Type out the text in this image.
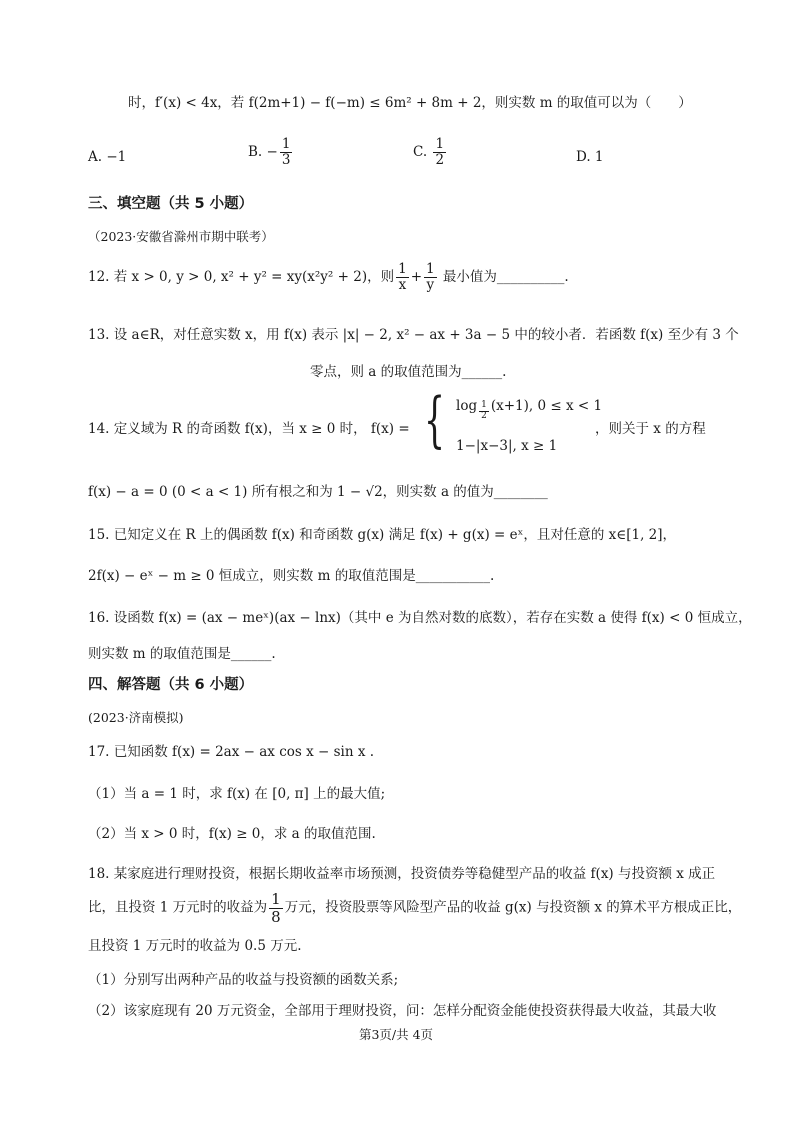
时，f′(x) < 4x，若 f(2m+1) − f(−m) ≤ 6m² + 8m + 2，则实数 m 的取值可以为（　　）
A. −1	B. − $\frac{1}{3}$	C. $\frac{1}{2}$	D. 1
三、填空题（共 5 小题）
（2023·安徽省滁州市期中联考）
12. 若 x > 0, y > 0, x² + y² = xy(x²y² + 2)，则 $\frac{1}{x} + \frac{1}{y}$ 最小值为__________.
13. 设 a∈R，对任意实数 x，用 f(x) 表示 |x| − 2, x² − ax + 3a − 5 中的较小者．若函数 f(x) 至少有 3 个
零点，则 a 的取值范围为______.
14. 定义域为 R 的奇函数 f(x)，当 x ≥ 0 时， f(x) = { log $_{\frac{1}{2}}$ (x+1), 0 ≤ x < 1
1−|x−3|, x ≥ 1
，则关于 x 的方程
f(x) − a = 0 (0 < a < 1) 所有根之和为 1 − √2，则实数 a 的值为________
15. 已知定义在 R 上的偶函数 f(x) 和奇函数 g(x) 满足 f(x) + g(x) = eˣ，且对任意的 x∈[1, 2]，
2f(x) − eˣ − m ≥ 0 恒成立，则实数 m 的取值范围是___________.
16. 设函数 f(x) = (ax − meˣ)(ax − lnx)（其中 e 为自然对数的底数），若存在实数 a 使得 f(x) < 0 恒成立，
则实数 m 的取值范围是______.
四、解答题（共 6 小题）
(2023·济南模拟)
17. 已知函数 f(x) = 2ax − ax cos x − sin x .
（1）当 a = 1 时，求 f(x) 在 [0, π] 上的最大值;
（2）当 x > 0 时，f(x) ≥ 0，求 a 的取值范围.
18. 某家庭进行理财投资，根据长期收益率市场预测，投资债券等稳健型产品的收益 f(x) 与投资额 x 成正
比，且投资 1 万元时的收益为 $\frac{1}{8}$ 万元，投资股票等风险型产品的收益 g(x) 与投资额 x 的算术平方根成正比，
且投资 1 万元时的收益为 0.5 万元.
（1）分别写出两种产品的收益与投资额的函数关系;
（2）该家庭现有 20 万元资金，全部用于理财投资，问：怎样分配资金能使投资获得最大收益，其最大收
第3页/共 4页
